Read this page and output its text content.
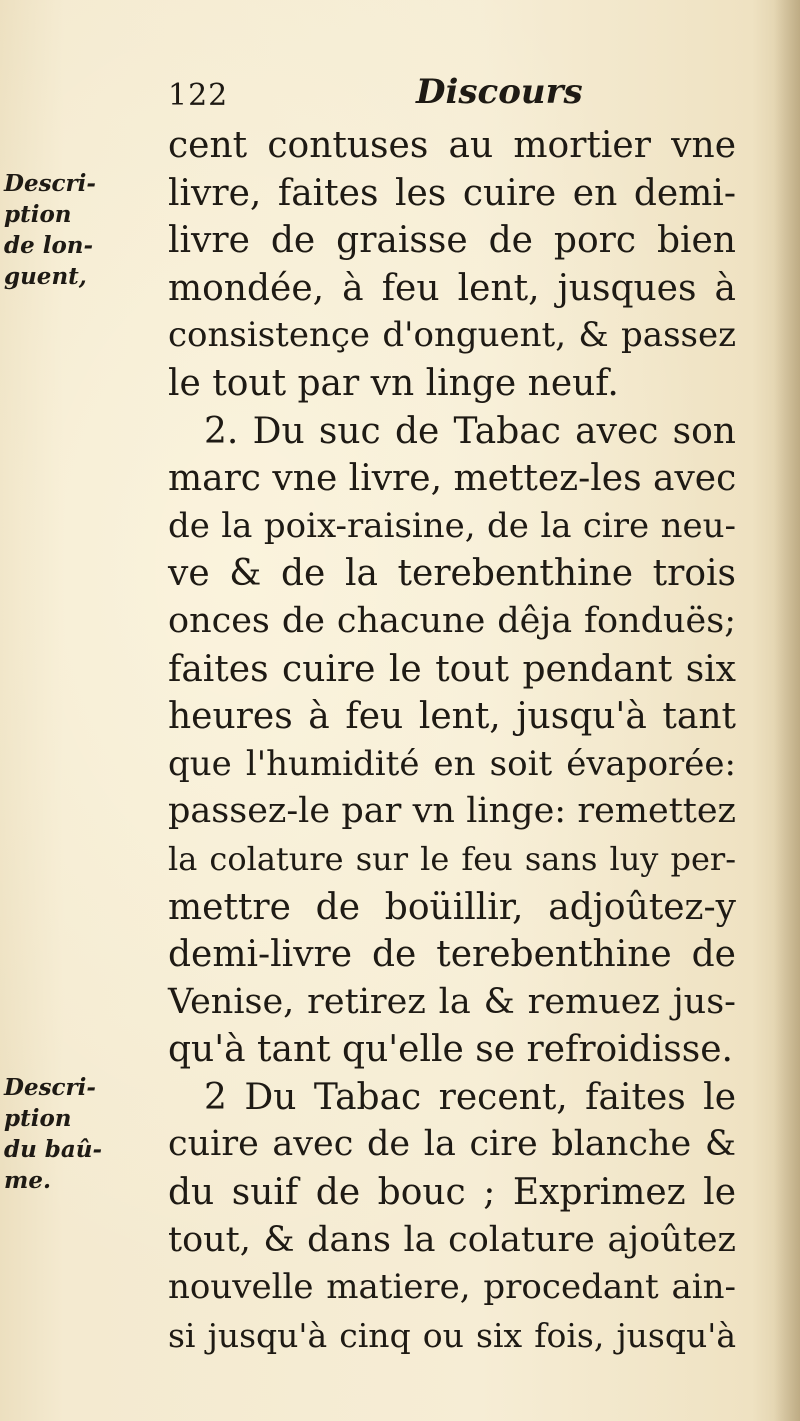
122	Discours
Descri-
ption
de lon-
guent,
Descri-
ption
du baû-
me.
cent contuses au mortier vne
livre, faites les cuire en demi-
livre de graisse de porc bien
mondée, à feu lent, jusques à
consistençe d'onguent, & passez
le tout par vn linge neuf.
2. Du suc de Tabac avec son
marc vne livre, mettez-les avec
de la poix-raisine, de la cire neu-
ve & de la terebenthine trois
onces de chacune dêja fonduës;
faites cuire le tout pendant six
heures à feu lent, jusqu'à tant
que l'humidité en soit évaporée:
passez-le par vn linge: remettez
la colature sur le feu sans luy per-
mettre de boüillir, adjoûtez-y
demi-livre de terebenthine de
Venise, retirez la & remuez jus-
qu'à tant qu'elle se refroidisse.
2 Du Tabac recent, faites le
cuire avec de la cire blanche &
du suif de bouc ; Exprimez le
tout, & dans la colature ajoûtez
nouvelle matiere, procedant ain-
si jusqu'à cinq ou six fois, jusqu'à
